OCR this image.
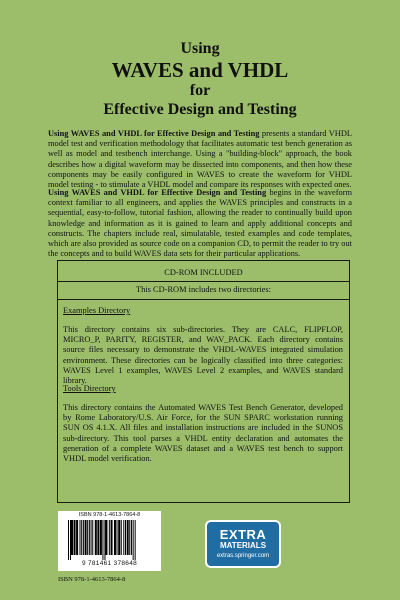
Using
WAVES and VHDL
for
Effective Design and Testing
Using WAVES and VHDL for Effective Design and Testing presents a standard VHDL model test and verification methodology that facilitates automatic test bench generation as well as model and testbench interchange. Using a "building-block" approach, the book describes how a digital waveform may be dissected into components, and then how these components may be easily configured in WAVES to create the waveform for VHDL model testing - to stimulate a VHDL model and compare its responses with expected ones.
Using WAVES and VHDL for Effective Design and Testing begins in the waveform context familiar to all engineers, and applies the WAVES principles and constructs in a sequential, easy-to-follow, tutorial fashion, allowing the reader to continually build upon knowledge and information as it is gained to learn and apply additional concepts and constructs. The chapters include real, simulatable, tested examples and code templates, which are also provided as source code on a companion CD, to permit the reader to try out the concepts and to build WAVES data sets for their particular applications.
CD-ROM INCLUDED
This CD-ROM includes two directories:
Examples Directory
This directory contains six sub-directories. They are CALC, FLIPFLOP, MICRO_P, PARITY, REGISTER, and WAV_PACK. Each directory contains source files necessary to demonstrate the VHDL-WAVES integrated simulation environment. These directories can be logically classified into three categories: WAVES Level 1 examples, WAVES Level 2 examples, and WAVES standard library.
Tools Directory
This directory contains the Automated WAVES Test Bench Generator, developed by Rome Laboratory/U.S. Air Force, for the SUN SPARC workstation running SUN OS 4.1.X. All files and installation instructions are included in the SUNOS sub-directory. This tool parses a VHDL entity declaration and automates the generation of a complete WAVES dataset and a WAVES test bench to support VHDL model verification.
ISBN 978-1-4613-7864-8
9 781461 378648
ISBN 978-1-4613-7864-8
EXTRA
MATERIALS
extras.springer.com
